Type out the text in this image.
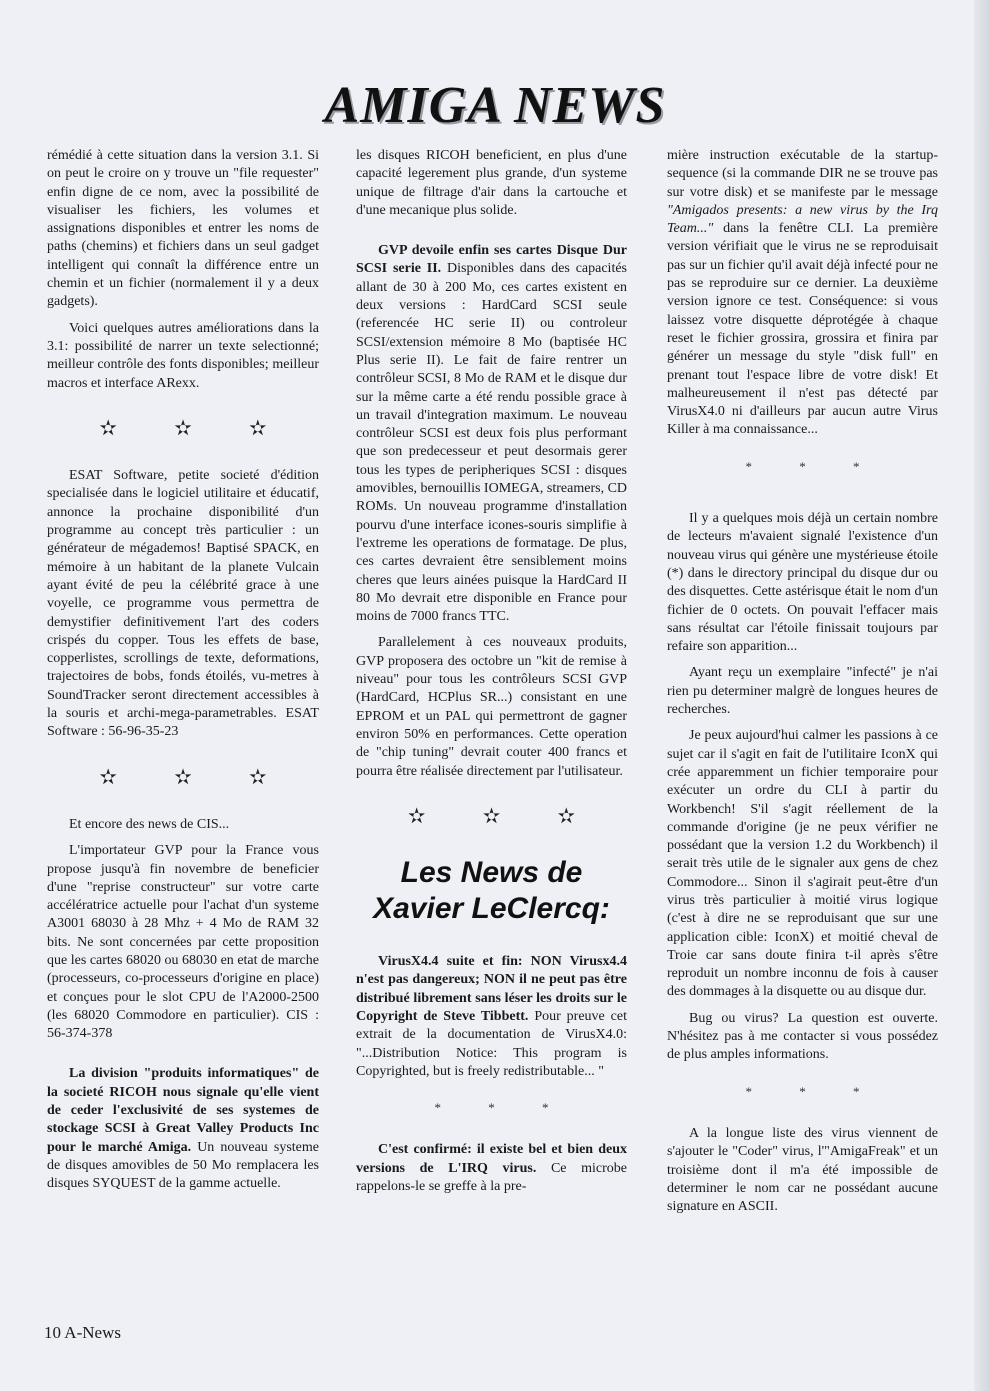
AMIGA NEWS

rémédié à cette situation dans la version 3.1. Si on peut le croire on y trouve un "file requester" enfin digne de ce nom, avec la possibilité de visualiser les fichiers, les volumes et assignations disponibles et entrer les noms de paths (chemins) et fichiers dans un seul gadget intelligent qui connaît la différence entre un chemin et un fichier (normalement il y a deux gadgets).

Voici quelques autres améliorations dans la 3.1: possibilité de narrer un texte selectionné; meilleur contrôle des fonts disponibles; meilleur macros et interface ARexx.

✫ ✫ ✫

ESAT Software, petite societé d'édition specialisée dans le logiciel utilitaire et éducatif, annonce la prochaine disponibilité d'un programme au concept très particulier : un générateur de mégademos! Baptisé SPACK, en mémoire à un habitant de la planete Vulcain ayant évité de peu la célébrité grace à une voyelle, ce programme vous permettra de demystifier definitivement l'art des coders crispés du copper. Tous les effets de base, copperlistes, scrollings de texte, deformations, trajectoires de bobs, fonds étoilés, vu-metres à SoundTracker seront directement accessibles à la souris et archi-mega-parametrables. ESAT Software : 56-96-35-23

✫ ✫ ✫

Et encore des news de CIS...

L'importateur GVP pour la France vous propose jusqu'à fin novembre de beneficier d'une "reprise constructeur" sur votre carte accélératrice actuelle pour l'achat d'un systeme A3001 68030 à 28 Mhz + 4 Mo de RAM 32 bits. Ne sont concernées par cette proposition que les cartes 68020 ou 68030 en etat de marche (processeurs, co-processeurs d'origine en place) et conçues pour le slot CPU de l'A2000-2500 (les 68020 Commodore en particulier). CIS : 56-374-378

La division "produits informatiques" de la societé RICOH nous signale qu'elle vient de ceder l'exclusivité de ses systemes de stockage SCSI à Great Valley Products Inc pour le marché Amiga. Un nouveau systeme de disques amovibles de 50 Mo remplacera les disques SYQUEST de la gamme actuelle.

les disques RICOH beneficient, en plus d'une capacité legerement plus grande, d'un systeme unique de filtrage d'air dans la cartouche et d'une mecanique plus solide.

GVP devoile enfin ses cartes Disque Dur SCSI serie II. Disponibles dans des capacités allant de 30 à 200 Mo, ces cartes existent en deux versions : HardCard SCSI seule (referencée HC serie II) ou controleur SCSI/extension mémoire 8 Mo (baptisée HC Plus serie II). Le fait de faire rentrer un contrôleur SCSI, 8 Mo de RAM et le disque dur sur la même carte a été rendu possible grace à un travail d'integration maximum. Le nouveau contrôleur SCSI est deux fois plus performant que son predecesseur et peut desormais gerer tous les types de peripheriques SCSI : disques amovibles, bernouillis IOMEGA, streamers, CD ROMs. Un nouveau programme d'installation pourvu d'une interface icones-souris simplifie à l'extreme les operations de formatage. De plus, ces cartes devraient être sensiblement moins cheres que leurs ainées puisque la HardCard II 80 Mo devrait etre disponible en France pour moins de 7000 francs TTC.

Parallelement à ces nouveaux produits, GVP proposera des octobre un "kit de remise à niveau" pour tous les contrôleurs SCSI GVP (HardCard, HCPlus SR...) consistant en une EPROM et un PAL qui permettront de gagner environ 50% en performances. Cette operation de "chip tuning" devrait couter 400 francs et pourra être réalisée directement par l'utilisateur.

✫ ✫ ✫
Les News de
Xavier LeClercq:

VirusX4.4 suite et fin: NON Virusx4.4 n'est pas dangereux; NON il ne peut pas être distribué librement sans léser les droits sur le Copyright de Steve Tibbett. Pour preuve cet extrait de la documentation de VirusX4.0: "...Distribution Notice: This program is Copyrighted, but is freely redistributable... "

* * *

C'est confirmé: il existe bel et bien deux versions de L'IRQ virus. Ce microbe rappelons-le se greffe à la pre-

mière instruction exécutable de la startup-sequence (si la commande DIR ne se trouve pas sur votre disk) et se manifeste par le message "Amigados presents: a new virus by the Irq Team..." dans la fenêtre CLI. La première version vérifiait que le virus ne se reproduisait pas sur un fichier qu'il avait déjà infecté pour ne pas se reproduire sur ce dernier. La deuxième version ignore ce test. Conséquence: si vous laissez votre disquette déprotégée à chaque reset le fichier grossira, grossira et finira par générer un message du style "disk full" en prenant tout l'espace libre de votre disk! Et malheureusement il n'est pas détecté par VirusX4.0 ni d'ailleurs par aucun autre Virus Killer à ma connaissance...

* * *

Il y a quelques mois déjà un certain nombre de lecteurs m'avaient signalé l'existence d'un nouveau virus qui génère une mystérieuse étoile (*) dans le directory principal du disque dur ou des disquettes. Cette astérisque était le nom d'un fichier de 0 octets. On pouvait l'effacer mais sans résultat car l'étoile finissait toujours par refaire son apparition...

Ayant reçu un exemplaire "infecté" je n'ai rien pu determiner malgrè de longues heures de recherches.

Je peux aujourd'hui calmer les passions à ce sujet car il s'agit en fait de l'utilitaire IconX qui crée apparemment un fichier temporaire pour exécuter un ordre du CLI à partir du Workbench! S'il s'agit réellement de la commande d'origine (je ne peux vérifier ne possédant que la version 1.2 du Workbench) il serait très utile de le signaler aux gens de chez Commodore... Sinon il s'agirait peut-être d'un virus très particulier à moitié virus logique (c'est à dire ne se reproduisant que sur une application cible: IconX) et moitié cheval de Troie car sans doute finira t-il après s'être reproduit un nombre inconnu de fois à causer des dommages à la disquette ou au disque dur.

Bug ou virus? La question est ouverte. N'hésitez pas à me contacter si vous possédez de plus amples informations.

* * *

A la longue liste des virus viennent de s'ajouter le "Coder" virus, l'"AmigaFreak" et un troisième dont il m'a été impossible de determiner le nom car ne possédant aucune signature en ASCII.

10 A-News
